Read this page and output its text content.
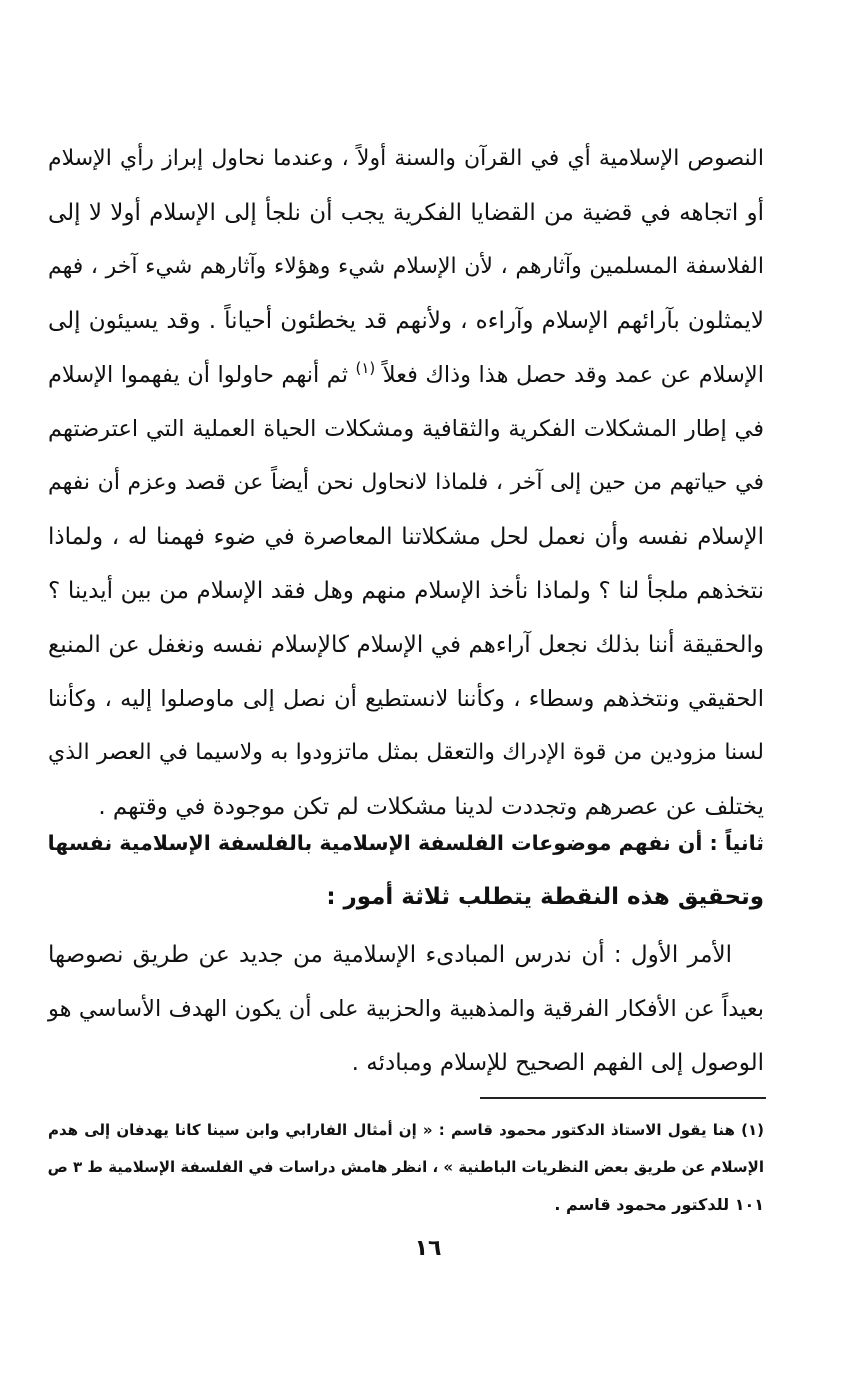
النصوص الإسلامية أي في القرآن والسنة أولاً ، وعندما نحاول إبراز رأي الإسلام
أو اتجاهه في قضية من القضايا الفكرية يجب أن نلجأ إلى الإسلام أولا لا إلى
الفلاسفة المسلمين وآثارهم ، لأن الإسلام شيء وهؤلاء وآثارهم شيء آخر ، فهم
لايمثلون بآرائهم الإسلام وآراءه ، ولأنهم قد يخطئون أحياناً . وقد يسيئون إلى
الإسلام عن عمد وقد حصل هذا وذاك فعلاً $^{(١)}$ ثم أنهم حاولوا أن يفهموا الإسلام
في إطار المشكلات الفكرية والثقافية ومشكلات الحياة العملية التي اعترضتهم
في حياتهم من حين إلى آخر ، فلماذا لانحاول نحن أيضاً عن قصد وعزم أن نفهم
الإسلام نفسه وأن نعمل لحل مشكلاتنا المعاصرة في ضوء فهمنا له ، ولماذا
نتخذهم ملجأ لنا ؟ ولماذا نأخذ الإسلام منهم وهل فقد الإسلام من بين أيدينا ؟
والحقيقة أننا بذلك نجعل آراءهم في الإسلام كالإسلام نفسه ونغفل عن المنبع
الحقيقي ونتخذهم وسطاء ، وكأننا لانستطيع أن نصل إلى ماوصلوا إليه ، وكأننا
لسنا مزودين من قوة الإدراك والتعقل بمثل ماتزودوا به ولاسيما في العصر الذي
يختلف عن عصرهم وتجددت لدينا مشكلات لم تكن موجودة في وقتهم .
ثانياً : أن نفهم موضوعات الفلسفة الإسلامية بالفلسفة الإسلامية نفسها
وتحقيق هذه النقطة يتطلب ثلاثة أمور :
الأمر الأول : أن ندرس المبادىء الإسلامية من جديد عن طريق نصوصها
بعيداً عن الأفكار الفرقية والمذهبية والحزبية على أن يكون الهدف الأساسي هو
الوصول إلى الفهم الصحيح للإسلام ومبادئه .
(١) هنا يقول الاستاذ الدكتور محمود قاسم : « إن أمثال الفارابي وابن سينا كانا يهدفان إلى هدم
الإسلام عن طريق بعض النظريات الباطنية » ، انظر هامش دراسات في الفلسفة الإسلامية ط ٣ ص
١٠١ للدكتور محمود قاسم .
١٦
